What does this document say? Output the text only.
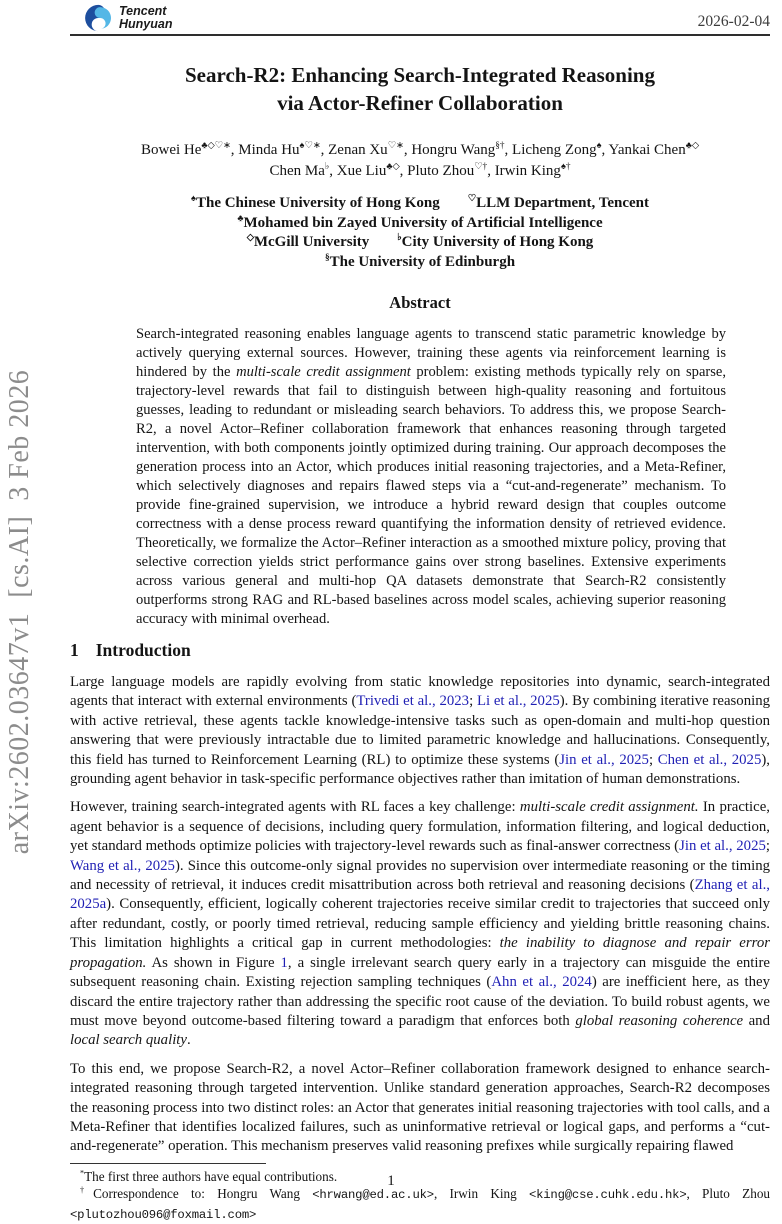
arXiv:2602.03647v1  [cs.AI]  3 Feb 2026
Tencent
Hunyuan	2026-02-04
Search-R2: Enhancing Search-Integrated Reasoning
via Actor-Refiner Collaboration
Bowei He♣◇♡∗, Minda Hu♠♡∗, Zenan Xu♡∗, Hongru Wang§†, Licheng Zong♠, Yankai Chen♣◇
Chen Ma♭, Xue Liu♣◇, Pluto Zhou♡†, Irwin King♠†
♠The Chinese University of Hong Kong	♡LLM Department, Tencent
♣Mohamed bin Zayed University of Artificial Intelligence
◇McGill University	♭City University of Hong Kong
§The University of Edinburgh
Abstract
Search-integrated reasoning enables language agents to transcend static parametric knowledge by actively querying external sources. However, training these agents via reinforcement learning is hindered by the multi-scale credit assignment problem: existing methods typically rely on sparse, trajectory-level rewards that fail to distinguish between high-quality reasoning and fortuitous guesses, leading to redundant or misleading search behaviors. To address this, we propose Search-R2, a novel Actor–Refiner collaboration framework that enhances reasoning through targeted intervention, with both components jointly optimized during training. Our approach decomposes the generation process into an Actor, which produces initial reasoning trajectories, and a Meta-Refiner, which selectively diagnoses and repairs flawed steps via a “cut-and-regenerate” mechanism. To provide fine-grained supervision, we introduce a hybrid reward design that couples outcome correctness with a dense process reward quantifying the information density of retrieved evidence. Theoretically, we formalize the Actor–Refiner interaction as a smoothed mixture policy, proving that selective correction yields strict performance gains over strong baselines. Extensive experiments across various general and multi-hop QA datasets demonstrate that Search-R2 consistently outperforms strong RAG and RL-based baselines across model scales, achieving superior reasoning accuracy with minimal overhead.
1 Introduction

Large language models are rapidly evolving from static knowledge repositories into dynamic, search-integrated agents that interact with external environments (Trivedi et al., 2023; Li et al., 2025). By combining iterative reasoning with active retrieval, these agents tackle knowledge-intensive tasks such as open-domain and multi-hop question answering that were previously intractable due to limited parametric knowledge and hallucinations. Consequently, this field has turned to Reinforcement Learning (RL) to optimize these systems (Jin et al., 2025; Chen et al., 2025), grounding agent behavior in task-specific performance objectives rather than imitation of human demonstrations.

However, training search-integrated agents with RL faces a key challenge: multi-scale credit assignment. In practice, agent behavior is a sequence of decisions, including query formulation, information filtering, and logical deduction, yet standard methods optimize policies with trajectory-level rewards such as final-answer correctness (Jin et al., 2025; Wang et al., 2025). Since this outcome-only signal provides no supervision over intermediate reasoning or the timing and necessity of retrieval, it induces credit misattribution across both retrieval and reasoning decisions (Zhang et al., 2025a). Consequently, efficient, logically coherent trajectories receive similar credit to trajectories that succeed only after redundant, costly, or poorly timed retrieval, reducing sample efficiency and yielding brittle reasoning chains. This limitation highlights a critical gap in current methodologies: the inability to diagnose and repair error propagation. As shown in Figure 1, a single irrelevant search query early in a trajectory can misguide the entire subsequent reasoning chain. Existing rejection sampling techniques (Ahn et al., 2024) are inefficient here, as they discard the entire trajectory rather than addressing the specific root cause of the deviation. To build robust agents, we must move beyond outcome-based filtering toward a paradigm that enforces both global reasoning coherence and local search quality.

To this end, we propose Search-R2, a novel Actor–Refiner collaboration framework designed to enhance search-integrated reasoning through targeted intervention. Unlike standard generation approaches, Search-R2 decomposes the reasoning process into two distinct roles: an Actor that generates initial reasoning trajectories with tool calls, and a Meta-Refiner that identifies localized failures, such as uninformative retrieval or logical gaps, and performs a “cut-and-regenerate” operation. This mechanism preserves valid reasoning prefixes while surgically repairing flawed

*The first three authors have equal contributions.

†Correspondence to: Hongru Wang <hrwang@ed.ac.uk>, Irwin King <king@cse.cuhk.edu.hk>, Pluto Zhou <plutozhou096@foxmail.com>

1
